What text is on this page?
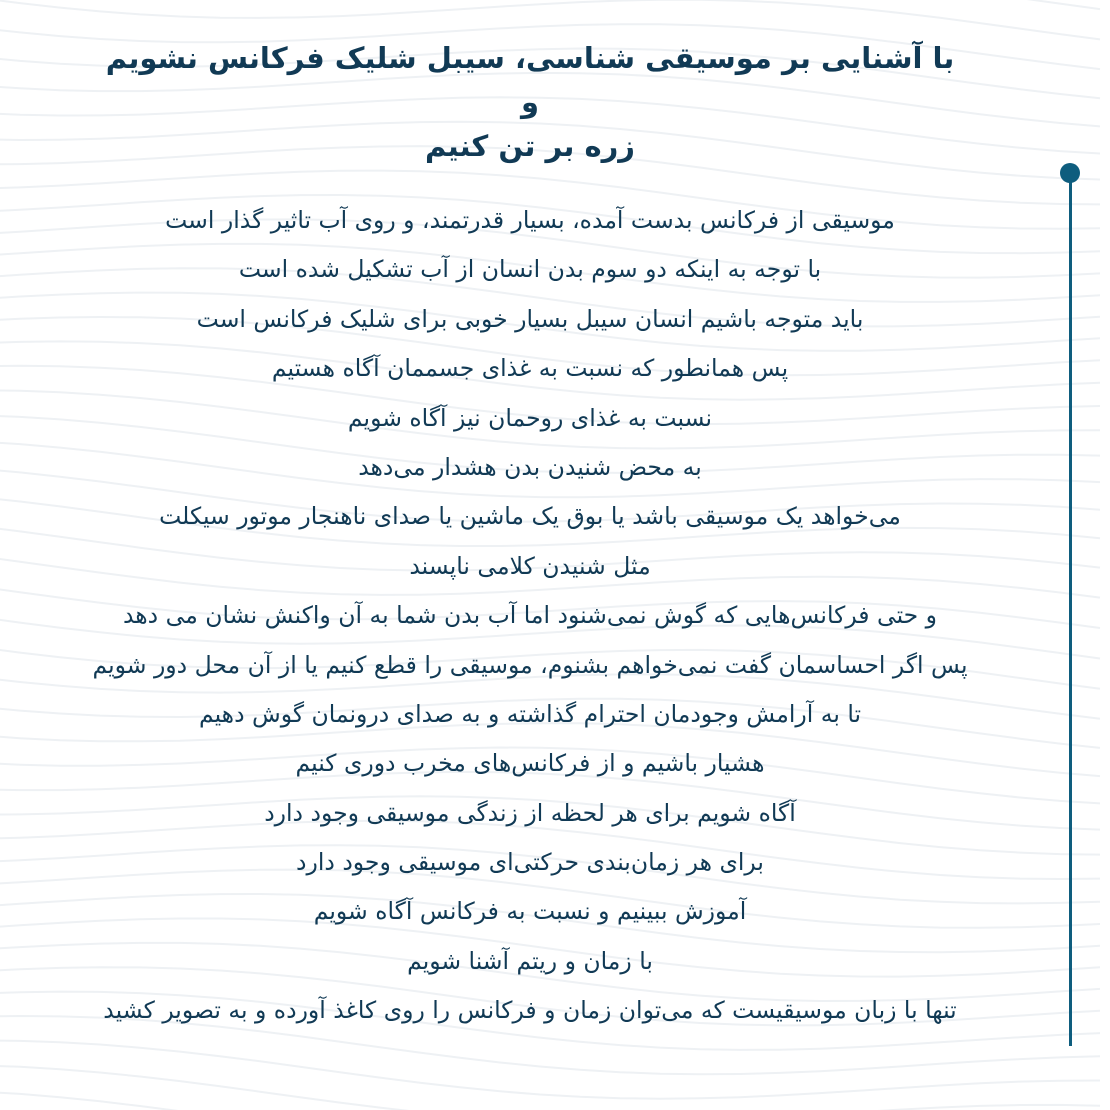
با آشنایی بر موسیقی شناسی، سیبل شلیک فرکانس نشویم
و
زره بر تن کنیم
موسیقی از فرکانس بدست آمده، بسیار قدرتمند، و روی آب تاثیر گذار است
با توجه به اینکه دو سوم بدن انسان از آب تشکیل شده است
باید متوجه باشیم انسان سیبل بسیار خوبی برای شلیک فرکانس است
پس همانطور که نسبت به غذای جسممان آگاه هستیم
نسبت به غذای روحمان نیز آگاه شویم
به محض شنیدن بدن هشدار می‌دهد
می‌خواهد یک موسیقی باشد یا بوق یک ماشین یا صدای ناهنجار موتور سیکلت
مثل شنیدن کلامی ناپسند
و حتی فرکانس‌هایی که گوش نمی‌شنود اما آب بدن شما به آن واکنش نشان می دهد
پس اگر احساسمان گفت نمی‌خواهم بشنوم، موسیقی را قطع کنیم یا از آن محل دور شویم
تا به آرامش وجودمان احترام گذاشته و به صدای درونمان گوش دهیم
هشیار باشیم و از فرکانس‌های مخرب دوری کنیم
آگاه شویم برای هر لحظه از زندگی موسیقی وجود دارد
برای هر زمان‌بندی حرکتی‌ای موسیقی وجود دارد
آموزش ببینیم و نسبت به فرکانس آگاه شویم
با زمان و ریتم آشنا شویم
تنها با زبان موسیقیست که می‌توان زمان و فرکانس را روی کاغذ آورده و به تصویر کشید
